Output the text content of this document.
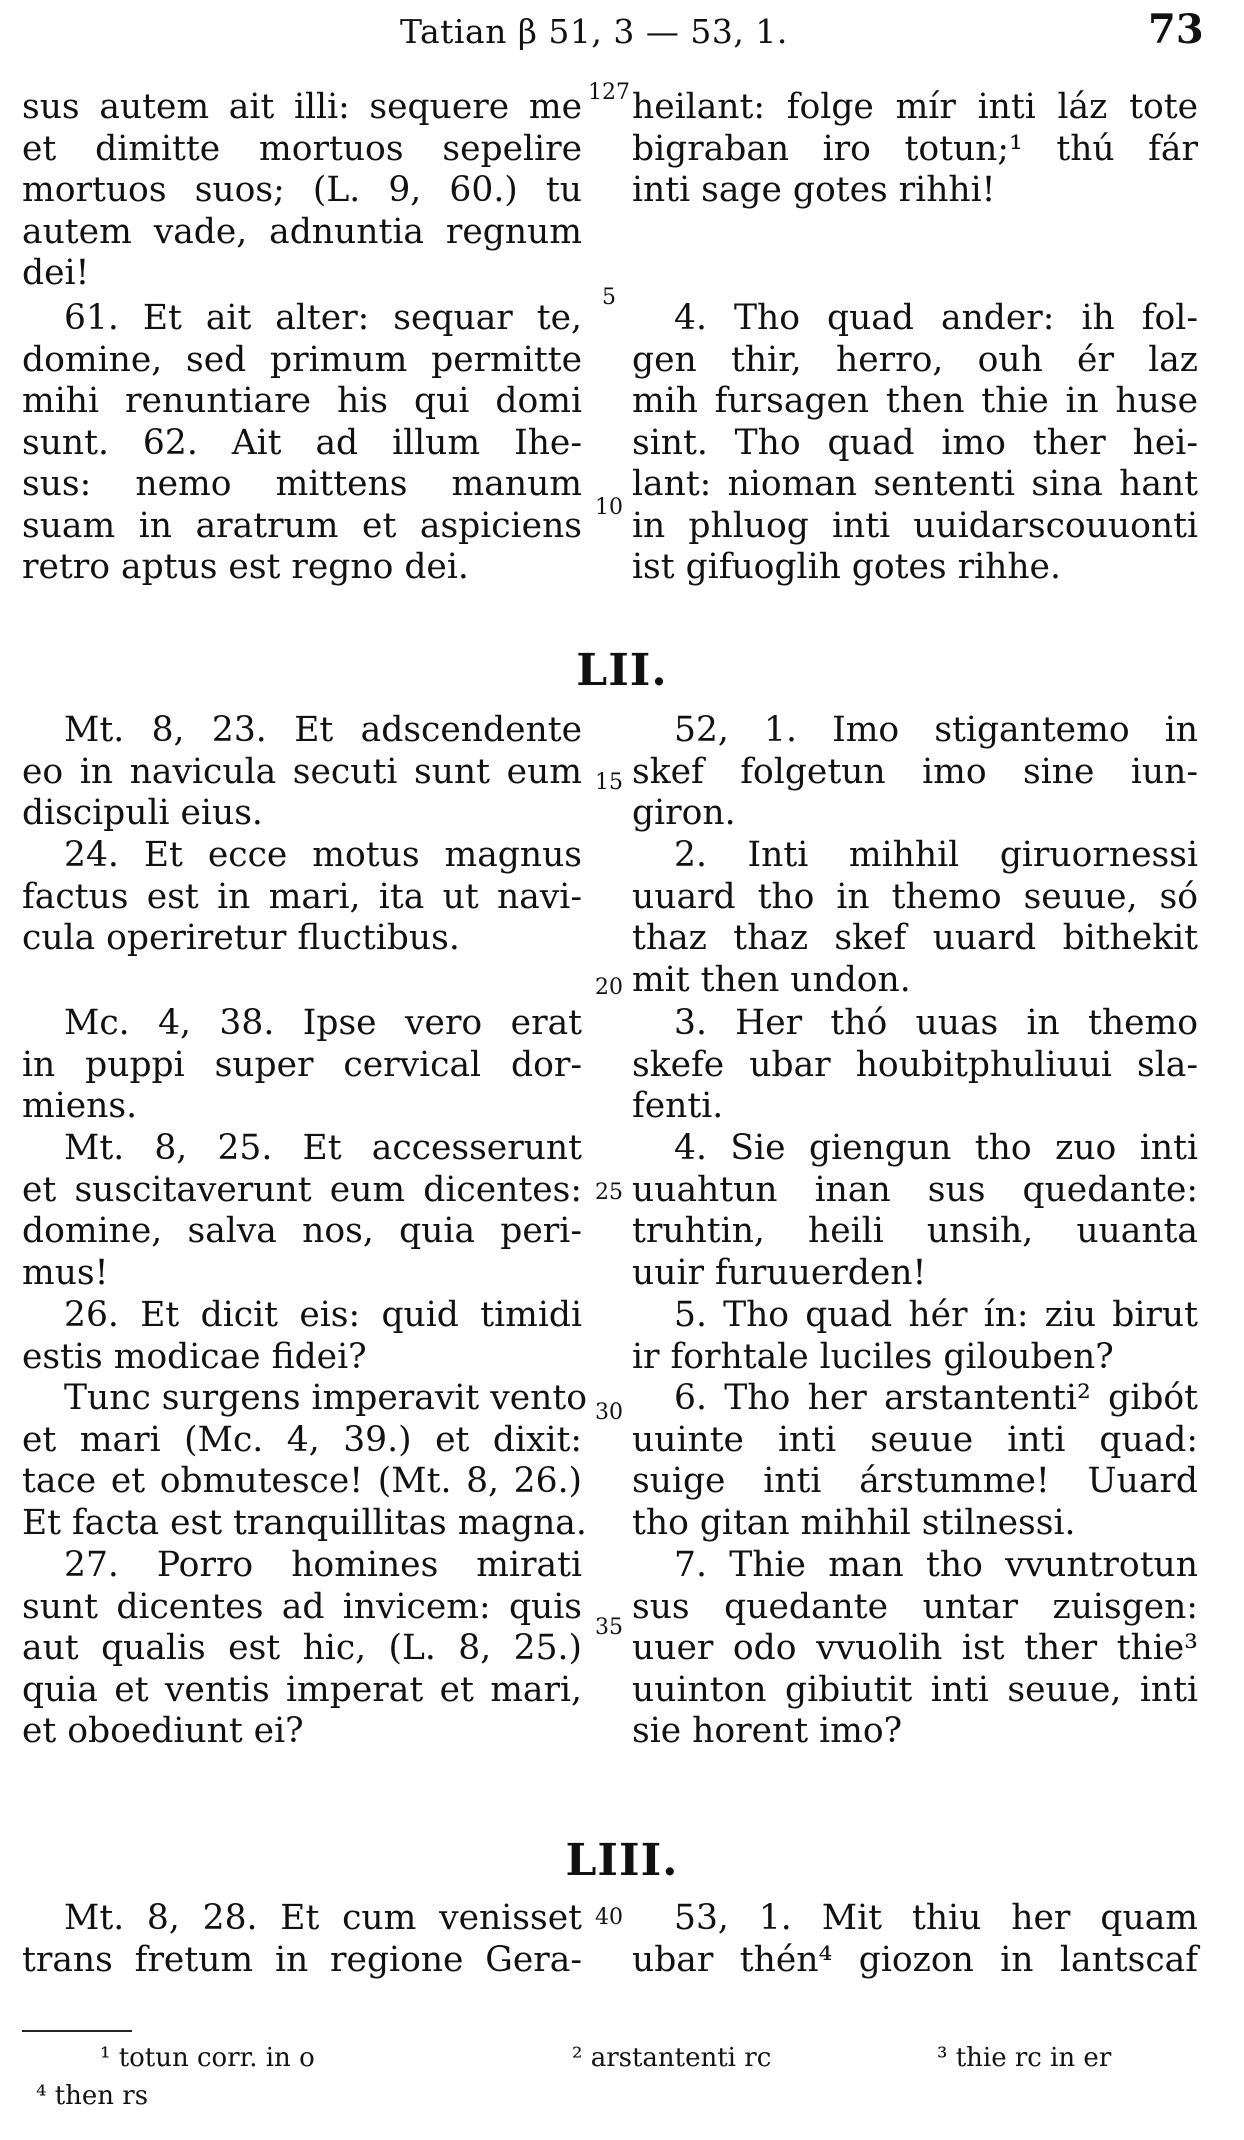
Tatian β 51, 3 — 53, 1.	73
127
5
10
15
20
25
30
35
40
sus autem ait illi: sequere me
et dimitte mortuos sepelire
mortuos suos; (L. 9, 60.) tu
autem vade, adnuntia regnum
dei!
61. Et ait alter: sequar te,
domine, sed primum permitte
mihi renuntiare his qui domi
sunt. 62. Ait ad illum Ihe-
sus: nemo mittens manum
suam in aratrum et aspiciens
retro aptus est regno dei.
LII.
Mt. 8, 23. Et adscendente
eo in navicula secuti sunt eum
discipuli eius.
24. Et ecce motus magnus
factus est in mari, ita ut navi-
cula operiretur fluctibus.
Mc. 4, 38. Ipse vero erat
in puppi super cervical dor-
miens.
Mt. 8, 25. Et accesserunt
et suscitaverunt eum dicentes:
domine, salva nos, quia peri-
mus!
26. Et dicit eis: quid timidi
estis modicae fidei?
Tunc surgens imperavit vento
et mari (Mc. 4, 39.) et dixit:
tace et obmutesce! (Mt. 8, 26.)
Et facta est tranquillitas magna.
27. Porro homines mirati
sunt dicentes ad invicem: quis
aut qualis est hic, (L. 8, 25.)
quia et ventis imperat et mari,
et oboediunt ei?
LIII.
Mt. 8, 28. Et cum venisset
trans fretum in regione Gera-
heilant: folge mír inti láz tote
bigraban iro totun;¹ thú fár
inti sage gotes rihhi!
4. Tho quad ander: ih fol-
gen thir, herro, ouh ér laz
mih fursagen then thie in huse
sint. Tho quad imo ther hei-
lant: nioman sententi sina hant
in phluog inti uuidarscouuonti
ist gifuoglih gotes rihhe.
52, 1. Imo stigantemo in
skef folgetun imo sine iun-
giron.
2. Inti mihhil giruornessi
uuard tho in themo seuue, só
thaz thaz skef uuard bithekit
mit then undon.
3. Her thó uuas in themo
skefe ubar houbitphuliuui sla-
fenti.
4. Sie giengun tho zuo inti
uuahtun inan sus quedante:
truhtin, heili unsih, uuanta
uuir furuuerden!
5. Tho quad hér ín: ziu birut
ir forhtale luciles gilouben?
6. Tho her arstantenti² gibót
uuinte inti seuue inti quad:
suige inti árstumme! Uuard
tho gitan mihhil stilnessi.
7. Thie man tho vvuntrotun
sus quedante untar zuisgen:
uuer odo vvuolih ist ther thie³
uuinton gibiutit inti seuue, inti
sie horent imo?
53, 1. Mit thiu her quam
ubar thén⁴ giozon in lantscaf
¹ totun corr. in o	² arstantenti rc	³ thie rc in er
⁴ then rs
